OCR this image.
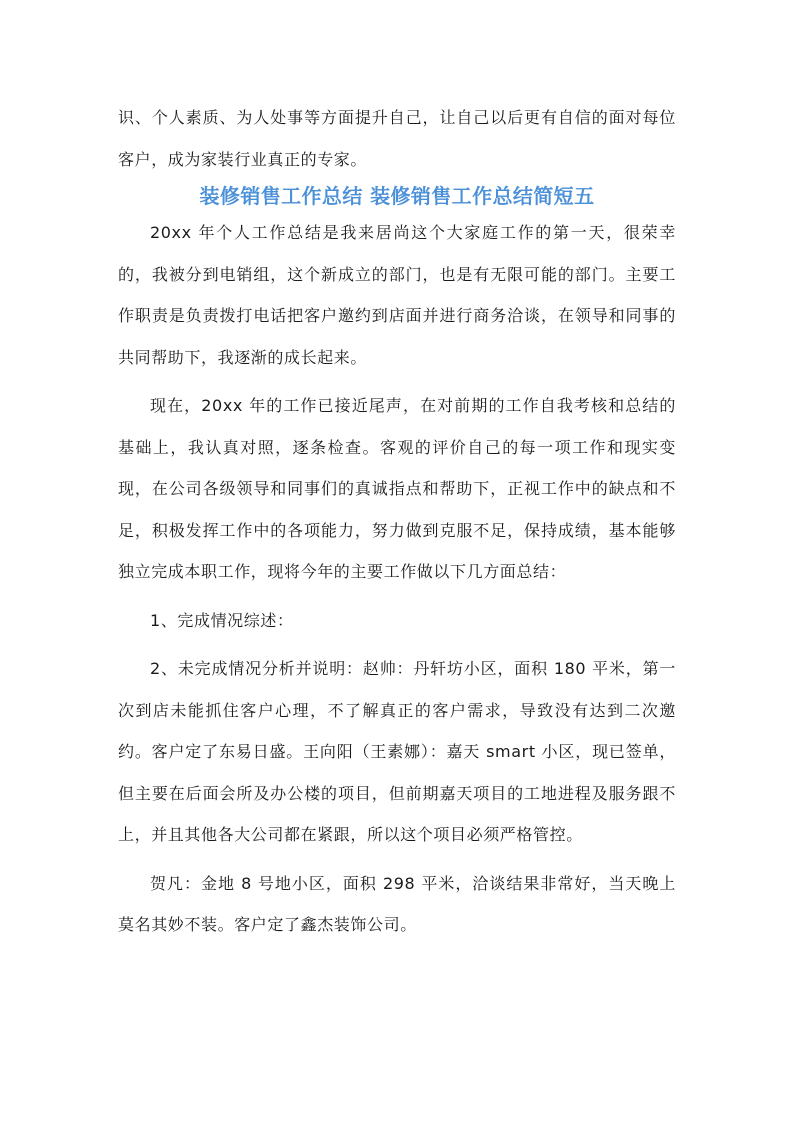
识、个人素质、为人处事等方面提升自己，让自己以后更有自信的面对每位客户，成为家装行业真正的专家。

装修销售工作总结 装修销售工作总结简短五

20xx 年个人工作总结是我来居尚这个大家庭工作的第一天，很荣幸的，我被分到电销组，这个新成立的部门，也是有无限可能的部门。主要工作职责是负责拨打电话把客户邀约到店面并进行商务洽谈，在领导和同事的共同帮助下，我逐渐的成长起来。

现在，20xx 年的工作已接近尾声，在对前期的工作自我考核和总结的基础上，我认真对照，逐条检查。客观的评价自己的每一项工作和现实变现，在公司各级领导和同事们的真诚指点和帮助下，正视工作中的缺点和不足，积极发挥工作中的各项能力，努力做到克服不足，保持成绩，基本能够独立完成本职工作，现将今年的主要工作做以下几方面总结：

1、完成情况综述：

2、未完成情况分析并说明：赵帅：丹轩坊小区，面积 180 平米，第一次到店未能抓住客户心理，不了解真正的客户需求，导致没有达到二次邀约。客户定了东易日盛。王向阳（王素娜）：嘉天 smart 小区，现已签单，但主要在后面会所及办公楼的项目，但前期嘉天项目的工地进程及服务跟不上，并且其他各大公司都在紧跟，所以这个项目必须严格管控。

贺凡：金地 8 号地小区，面积 298 平米，洽谈结果非常好，当天晚上莫名其妙不装。客户定了鑫杰装饰公司。
